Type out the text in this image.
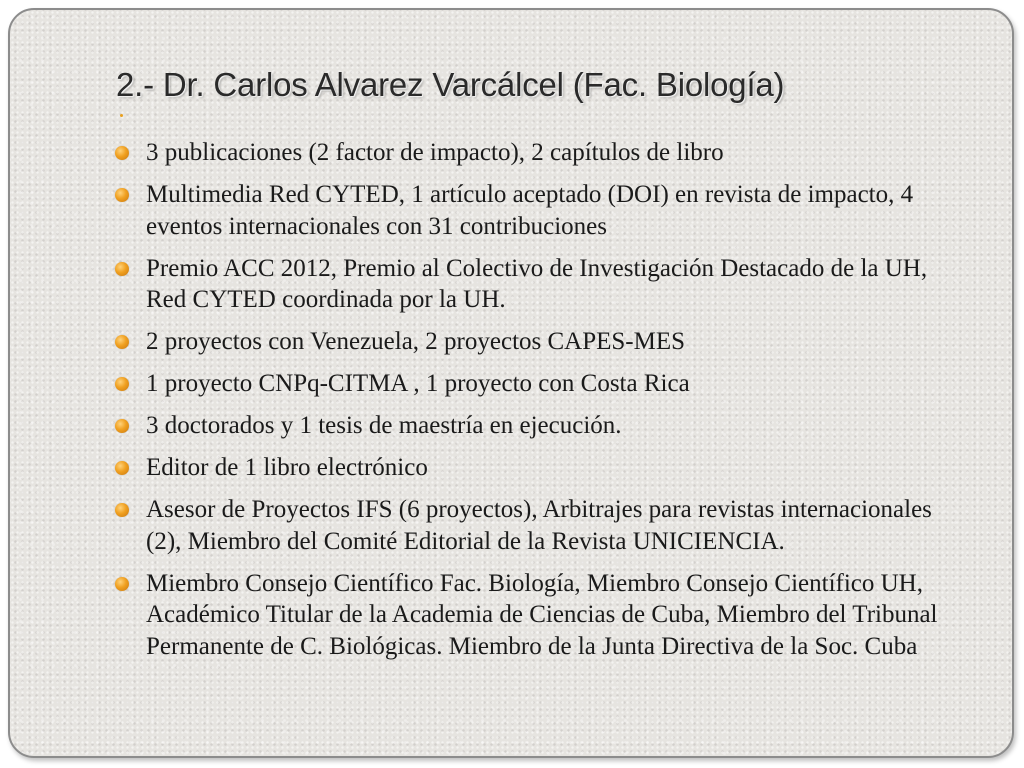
2.- Dr. Carlos Alvarez Varcálcel (Fac. Biología)
3 publicaciones (2 factor de impacto), 2 capítulos de libro
Multimedia Red CYTED, 1 artículo aceptado (DOI) en revista de impacto, 4 eventos internacionales con 31 contribuciones
Premio ACC 2012, Premio al Colectivo de Investigación Destacado de la UH, Red CYTED coordinada por la UH.
2 proyectos con Venezuela, 2 proyectos CAPES-MES
1 proyecto CNPq-CITMA , 1 proyecto con Costa Rica
3 doctorados y 1 tesis de maestría en ejecución.
Editor de 1 libro electrónico
Asesor de Proyectos IFS (6 proyectos), Arbitrajes para revistas internacionales (2), Miembro del Comité Editorial de la Revista UNICIENCIA.
Miembro Consejo Científico Fac. Biología, Miembro Consejo Científico UH, Académico Titular de la Academia de Ciencias de Cuba, Miembro del Tribunal Permanente de C. Biológicas. Miembro de la Junta Directiva de la Soc. Cuba
